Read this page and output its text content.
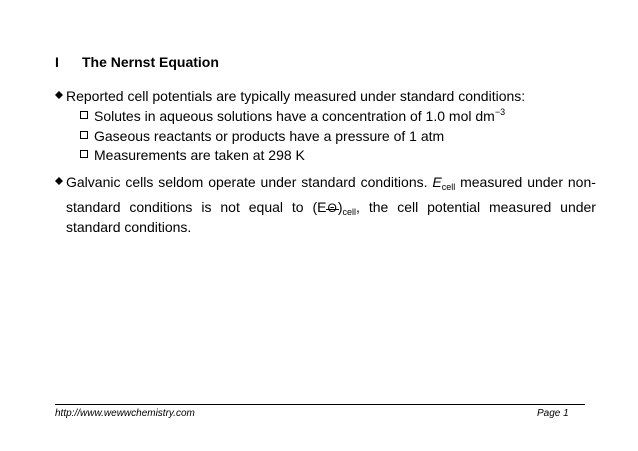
I The Nernst Equation
Reported cell potentials are typically measured under standard conditions:
Solutes in aqueous solutions have a concentration of 1.0 mol $dm^{-3}$
Gaseous reactants or products have a pressure of 1 atm
Measurements are taken at 298 K
Galvanic cells seldom operate under standard conditions. $E_{cell}$ measured under non-
standard conditions is not equal to $(E\Theta)_{cell}$, the cell potential measured under
standard conditions.
http://www.wewwchemistry.com	Page 1
